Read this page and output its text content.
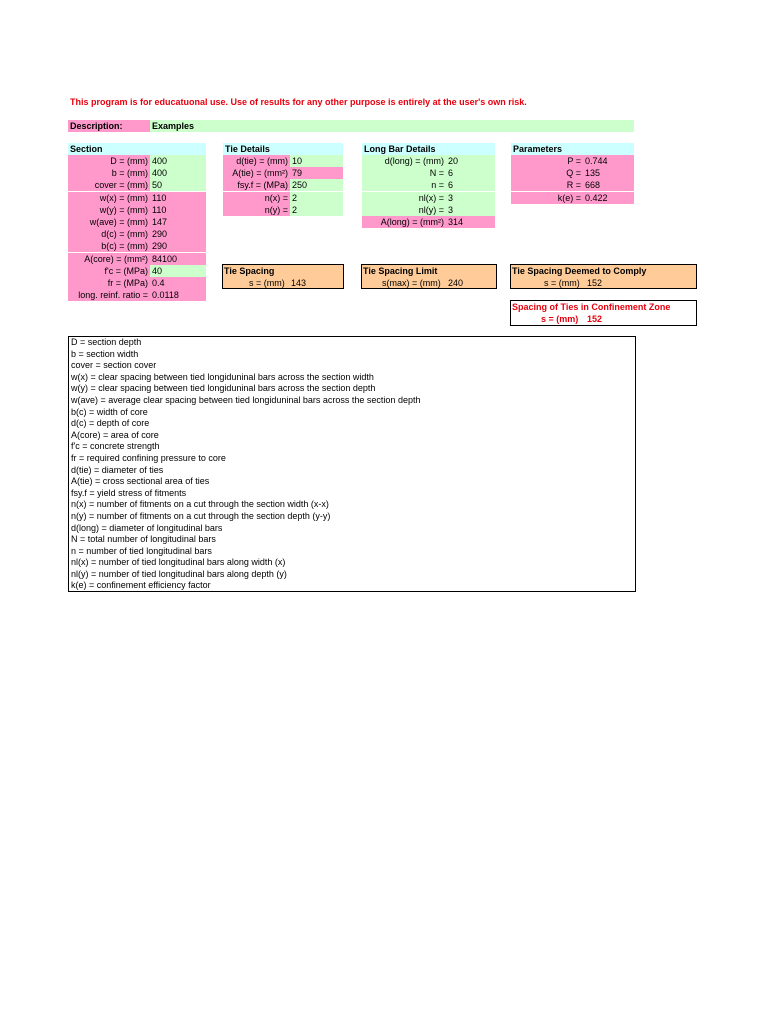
This program is for educatuonal use. Use of results for any other purpose is entirely at the user's own risk.
Description:	Examples
Section
D = (mm) 400
b = (mm) 400
cover = (mm) 50
w(x) = (mm) 110
w(y) = (mm) 110
w(ave) = (mm) 147
d(c) = (mm) 290
b(c) = (mm) 290
A(core) = (mm²) 84100
f'c = (MPa) 40
fr = (MPa) 0.4
long. reinf. ratio = 0.0118
Tie Details
d(tie) = (mm) 10
A(tie) = (mm²) 79
fsy.f = (MPa) 250
n(x) = 2
n(y) = 2
Long Bar Details
d(long) = (mm) 20
N = 6
n = 6
nl(x) = 3
nl(y) = 3
A(long) = (mm²) 314
Parameters
P = 0.744
Q = 135
R = 668
k(e) = 0.422
Tie Spacing
s = (mm) 143
Tie Spacing Limit
s(max) = (mm) 240
Tie Spacing Deemed to Comply
s = (mm) 152
Spacing of Ties in Confinement Zone
s = (mm) 152
D = section depth
b = section width
cover = section cover
w(x) = clear spacing between tied longiduninal bars across the section width
w(y) = clear spacing between tied longiduninal bars across the section depth
w(ave) = average clear spacing between tied longiduninal bars across the section depth
b(c) = width of core
d(c) = depth of core
A(core) = area of core
f'c = concrete strength
fr = required confining pressure to core
d(tie) = diameter of ties
A(tie) = cross sectional area of ties
fsy.f = yield stress of fitments
n(x) = number of fitments on a cut through the section width (x-x)
n(y) = number of fitments on a cut through the section depth (y-y)
d(long) = diameter of longitudinal bars
N = total number of longitudinal bars
n = number of tied longitudinal bars
nl(x) = number of tied longitudinal bars along width (x)
nl(y) = number of tied longitudinal bars along depth (y)
k(e) = confinement efficiency factor
